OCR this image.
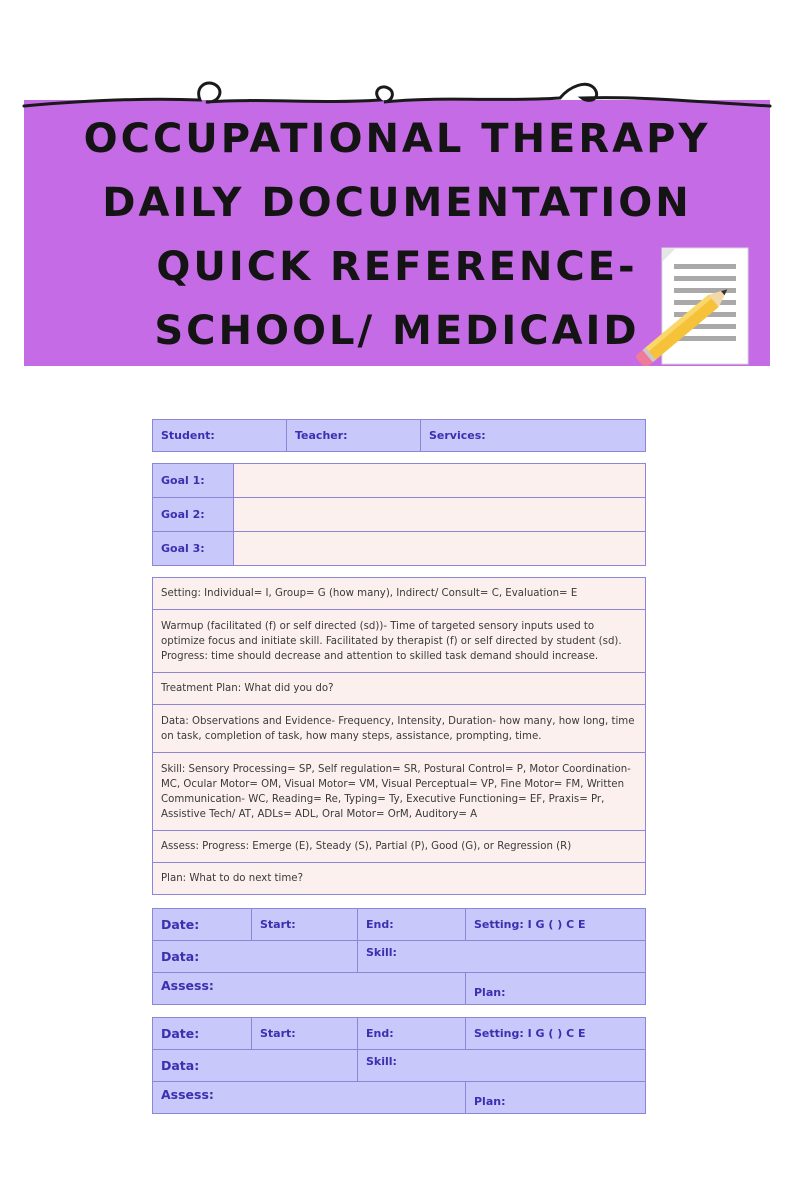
OCCUPATIONAL THERAPY
DAILY DOCUMENTATION
QUICK REFERENCE-
SCHOOL/ MEDICAID
Student:	Teacher:	Services:
Goal 1:	
Goal 2:	
Goal 3:	
Setting: Individual= I, Group= G (how many), Indirect/ Consult= C, Evaluation= E
Warmup (facilitated (f) or self directed (sd))- Time of targeted sensory inputs used to optimize focus and initiate skill. Facilitated by therapist (f) or self directed by student (sd). Progress: time should decrease and attention to skilled task demand should increase.
Treatment Plan: What did you do?
Data: Observations and Evidence- Frequency, Intensity, Duration- how many, how long, time on task, completion of task, how many steps, assistance, prompting, time.
Skill: Sensory Processing= SP, Self regulation= SR, Postural Control= P, Motor Coordination- MC, Ocular Motor= OM, Visual Motor= VM, Visual Perceptual= VP, Fine Motor= FM, Written Communication- WC, Reading= Re, Typing= Ty, Executive Functioning= EF, Praxis= Pr, Assistive Tech/ AT, ADLs= ADL, Oral Motor= OrM, Auditory= A
Assess: Progress: Emerge (E), Steady (S), Partial (P), Good (G), or Regression (R)
Plan: What to do next time?
Date:	Start:	End:	Setting: I G ( ) C E
Data:		Skill:	
Assess:			Plan:
Date:	Start:	End:	Setting: I G ( ) C E
Data:		Skill:	
Assess:			Plan:
